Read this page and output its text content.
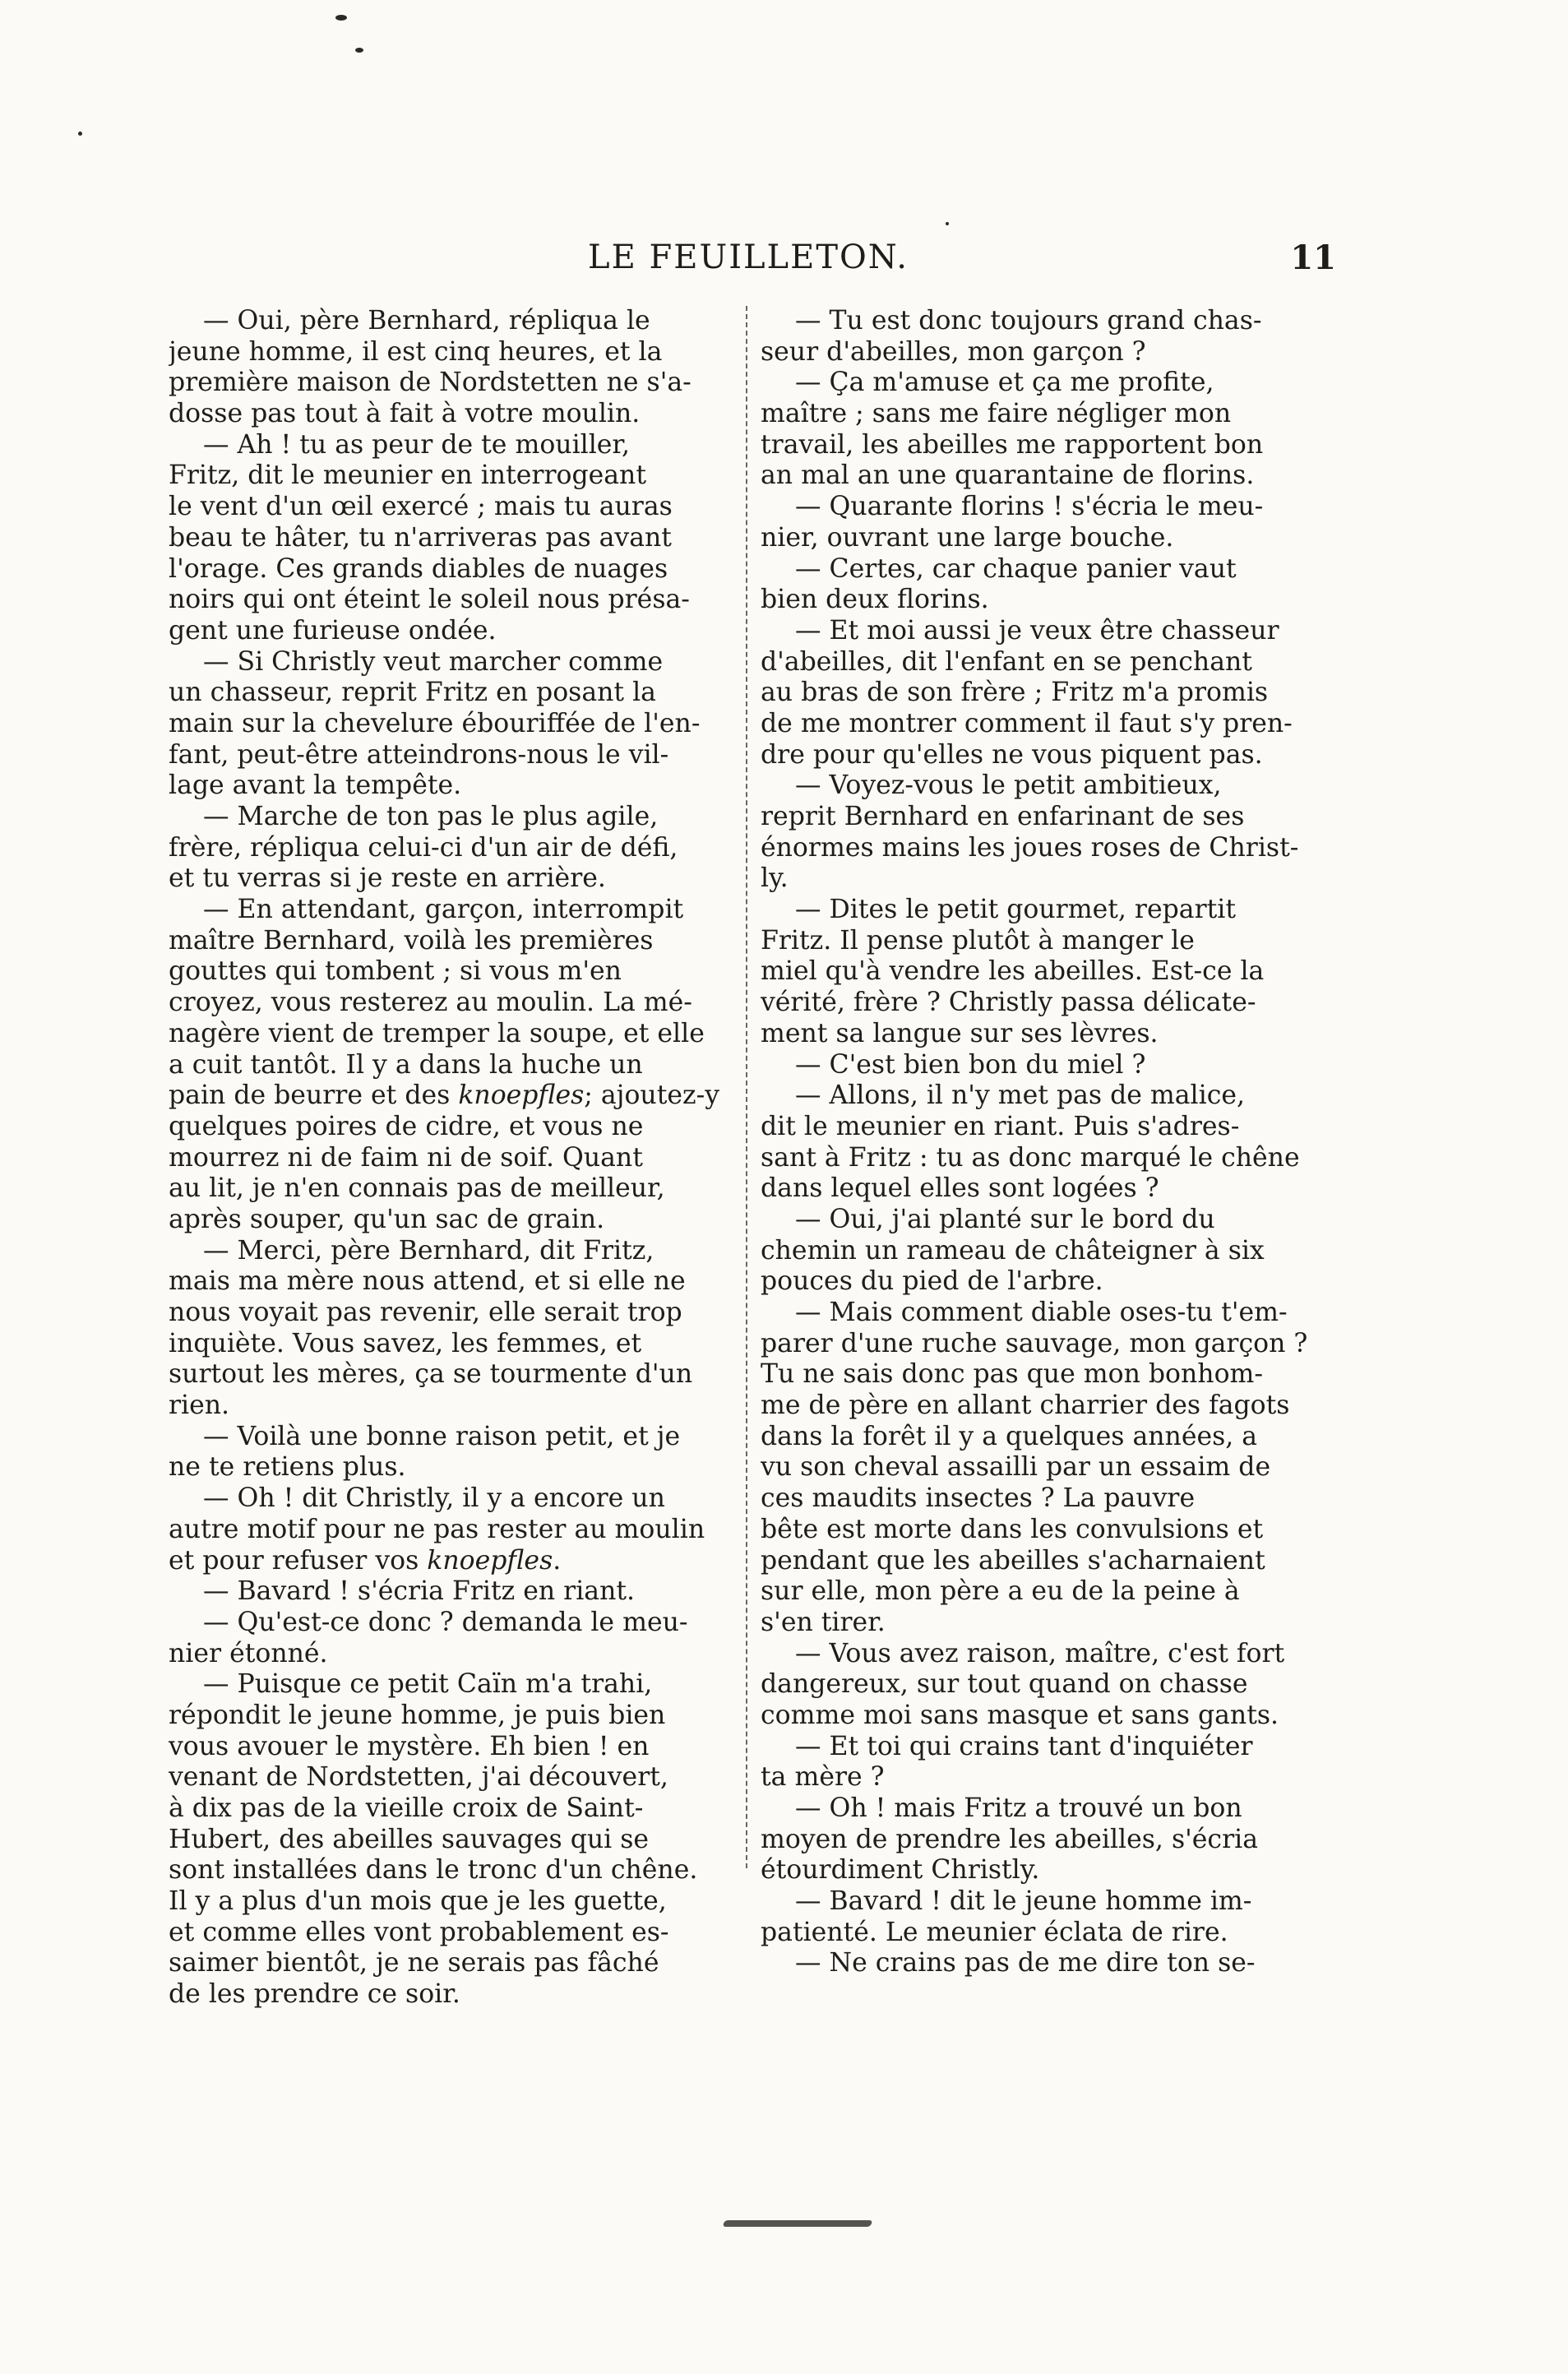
LE FEUILLETON.	11
— Oui, père Bernhard, répliqua le
jeune homme, il est cinq heures, et la
première maison de Nordstetten ne s'a-
dosse pas tout à fait à votre moulin.
— Ah ! tu as peur de te mouiller,
Fritz, dit le meunier en interrogeant
le vent d'un œil exercé ; mais tu auras
beau te hâter, tu n'arriveras pas avant
l'orage. Ces grands diables de nuages
noirs qui ont éteint le soleil nous présa-
gent une furieuse ondée.
— Si Christly veut marcher comme
un chasseur, reprit Fritz en posant la
main sur la chevelure ébouriffée de l'en-
fant, peut-être atteindrons-nous le vil-
lage avant la tempête.
— Marche de ton pas le plus agile,
frère, répliqua celui-ci d'un air de défi,
et tu verras si je reste en arrière.
— En attendant, garçon, interrompit
maître Bernhard, voilà les premières
gouttes qui tombent ; si vous m'en
croyez, vous resterez au moulin. La mé-
nagère vient de tremper la soupe, et elle
a cuit tantôt. Il y a dans la huche un
pain de beurre et des knoepfles; ajoutez-y
quelques poires de cidre, et vous ne
mourrez ni de faim ni de soif. Quant
au lit, je n'en connais pas de meilleur,
après souper, qu'un sac de grain.
— Merci, père Bernhard, dit Fritz,
mais ma mère nous attend, et si elle ne
nous voyait pas revenir, elle serait trop
inquiète. Vous savez, les femmes, et
surtout les mères, ça se tourmente d'un
rien.
— Voilà une bonne raison petit, et je
ne te retiens plus.
— Oh ! dit Christly, il y a encore un
autre motif pour ne pas rester au moulin
et pour refuser vos knoepfles.
— Bavard ! s'écria Fritz en riant.
— Qu'est-ce donc ? demanda le meu-
nier étonné.
— Puisque ce petit Caïn m'a trahi,
répondit le jeune homme, je puis bien
vous avouer le mystère. Eh bien ! en
venant de Nordstetten, j'ai découvert,
à dix pas de la vieille croix de Saint-
Hubert, des abeilles sauvages qui se
sont installées dans le tronc d'un chêne.
Il y a plus d'un mois que je les guette,
et comme elles vont probablement es-
saimer bientôt, je ne serais pas fâché
de les prendre ce soir.
— Tu est donc toujours grand chas-
seur d'abeilles, mon garçon ?
— Ça m'amuse et ça me profite,
maître ; sans me faire négliger mon
travail, les abeilles me rapportent bon
an mal an une quarantaine de florins.
— Quarante florins ! s'écria le meu-
nier, ouvrant une large bouche.
— Certes, car chaque panier vaut
bien deux florins.
— Et moi aussi je veux être chasseur
d'abeilles, dit l'enfant en se penchant
au bras de son frère ; Fritz m'a promis
de me montrer comment il faut s'y pren-
dre pour qu'elles ne vous piquent pas.
— Voyez-vous le petit ambitieux,
reprit Bernhard en enfarinant de ses
énormes mains les joues roses de Christ-
ly.
— Dites le petit gourmet, repartit
Fritz. Il pense plutôt à manger le
miel qu'à vendre les abeilles. Est-ce la
vérité, frère ? Christly passa délicate-
ment sa langue sur ses lèvres.
— C'est bien bon du miel ?
— Allons, il n'y met pas de malice,
dit le meunier en riant. Puis s'adres-
sant à Fritz : tu as donc marqué le chêne
dans lequel elles sont logées ?
— Oui, j'ai planté sur le bord du
chemin un rameau de châteigner à six
pouces du pied de l'arbre.
— Mais comment diable oses-tu t'em-
parer d'une ruche sauvage, mon garçon ?
Tu ne sais donc pas que mon bonhom-
me de père en allant charrier des fagots
dans la forêt il y a quelques années, a
vu son cheval assailli par un essaim de
ces maudits insectes ? La pauvre
bête est morte dans les convulsions et
pendant que les abeilles s'acharnaient
sur elle, mon père a eu de la peine à
s'en tirer.
— Vous avez raison, maître, c'est fort
dangereux, sur tout quand on chasse
comme moi sans masque et sans gants.
— Et toi qui crains tant d'inquiéter
ta mère ?
— Oh ! mais Fritz a trouvé un bon
moyen de prendre les abeilles, s'écria
étourdiment Christly.
— Bavard ! dit le jeune homme im-
patienté. Le meunier éclata de rire.
— Ne crains pas de me dire ton se-
